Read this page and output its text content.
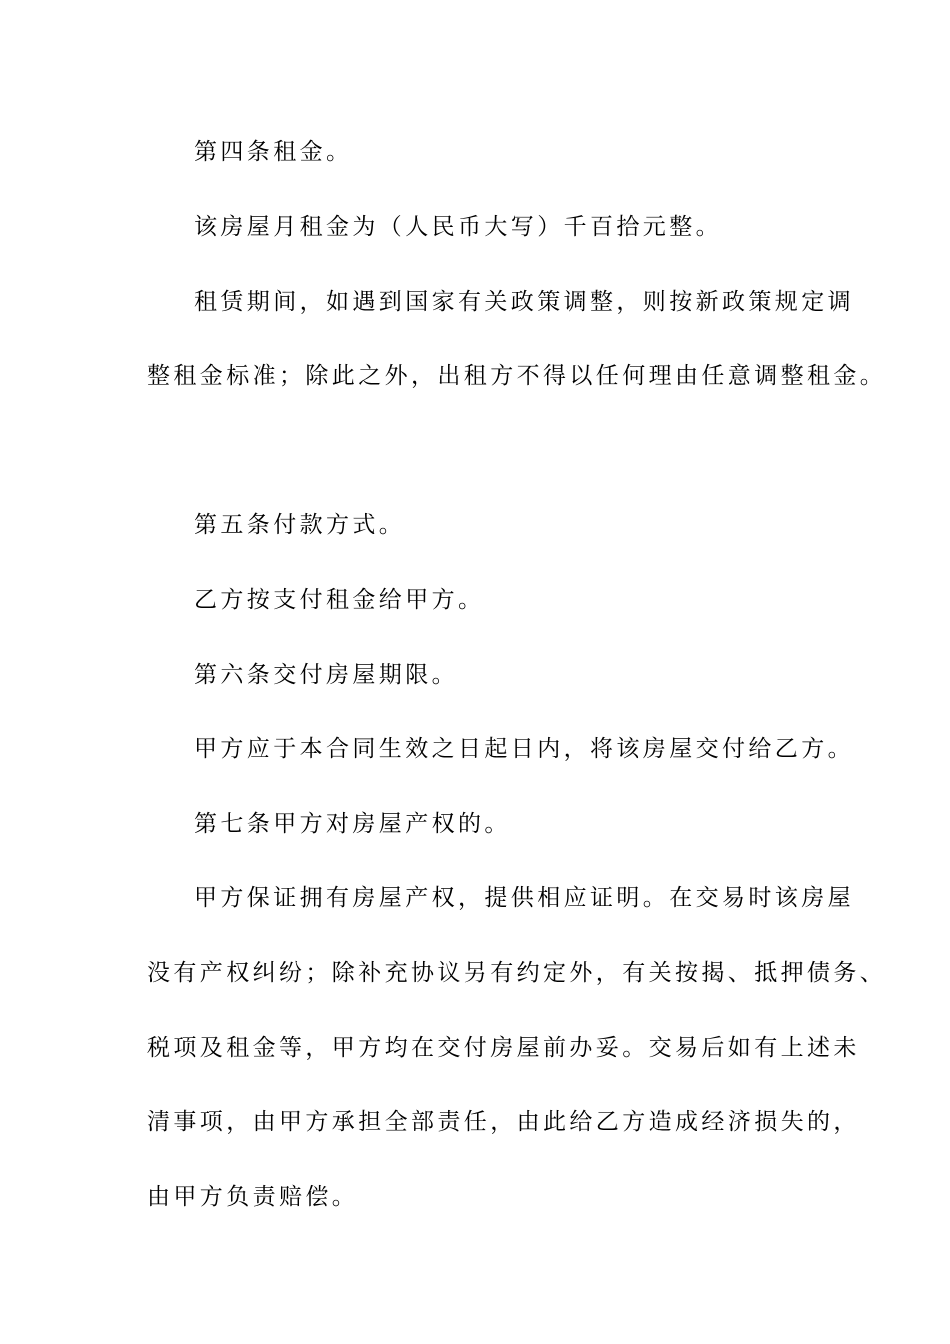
第四条租金。
该房屋月租金为（人民币大写）千百拾元整。
租赁期间，如遇到国家有关政策调整，则按新政策规定调
整租金标准；除此之外，出租方不得以任何理由任意调整租金。
第五条付款方式。
乙方按支付租金给甲方。
第六条交付房屋期限。
甲方应于本合同生效之日起日内，将该房屋交付给乙方。
第七条甲方对房屋产权的。
甲方保证拥有房屋产权，提供相应证明。在交易时该房屋
没有产权纠纷；除补充协议另有约定外，有关按揭、抵押债务、
税项及租金等，甲方均在交付房屋前办妥。交易后如有上述未
清事项，由甲方承担全部责任，由此给乙方造成经济损失的，
由甲方负责赔偿。
